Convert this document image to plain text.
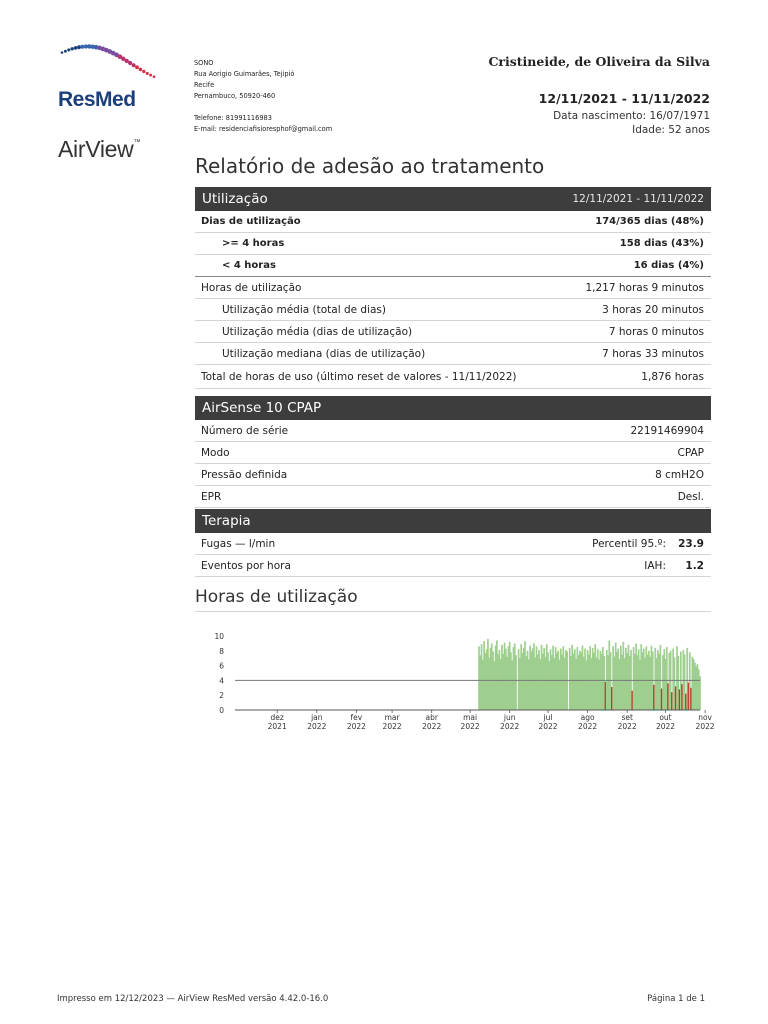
ResMed
AirView™
SONO
Rua Aorigio Guimarães, Tejipió
Recife
Pernambuco, 50920-460
Telefone: 81991116983
E-mail: residenciafisioresphof@gmail.com
Cristineide, de Oliveira da Silva
12/11/2021 - 11/11/2022
Data nascimento: 16/07/1971
Idade: 52 anos
Relatório de adesão ao tratamento
Utilização	12/11/2021 - 11/11/2022
Dias de utilização	174/365 dias (48%)
>= 4 horas	158 dias (43%)
< 4 horas	16 dias (4%)
Horas de utilização	1,217 horas 9 minutos
Utilização média (total de dias)	3 horas 20 minutos
Utilização média (dias de utilização)	7 horas 0 minutos
Utilização mediana (dias de utilização)	7 horas 33 minutos
Total de horas de uso (último reset de valores - 11/11/2022)	1,876 horas
AirSense 10 CPAP
Número de série	22191469904
Modo	CPAP
Pressão definida	8 cmH2O
EPR	Desl.
Terapia
Fugas — l/min	Percentil 95.º:	23.9
Eventos por hora	IAH:	1.2
Horas de utilização
10
8
6
4
2
0
dez
2021
jan
2022
fev
2022
mar
2022
abr
2022
mai
2022
jun
2022
jul
2022
ago
2022
set
2022
out
2022
nov
2022
Impresso em 12/12/2023 — AirView ResMed versão 4.42.0-16.0	Página 1 de 1
